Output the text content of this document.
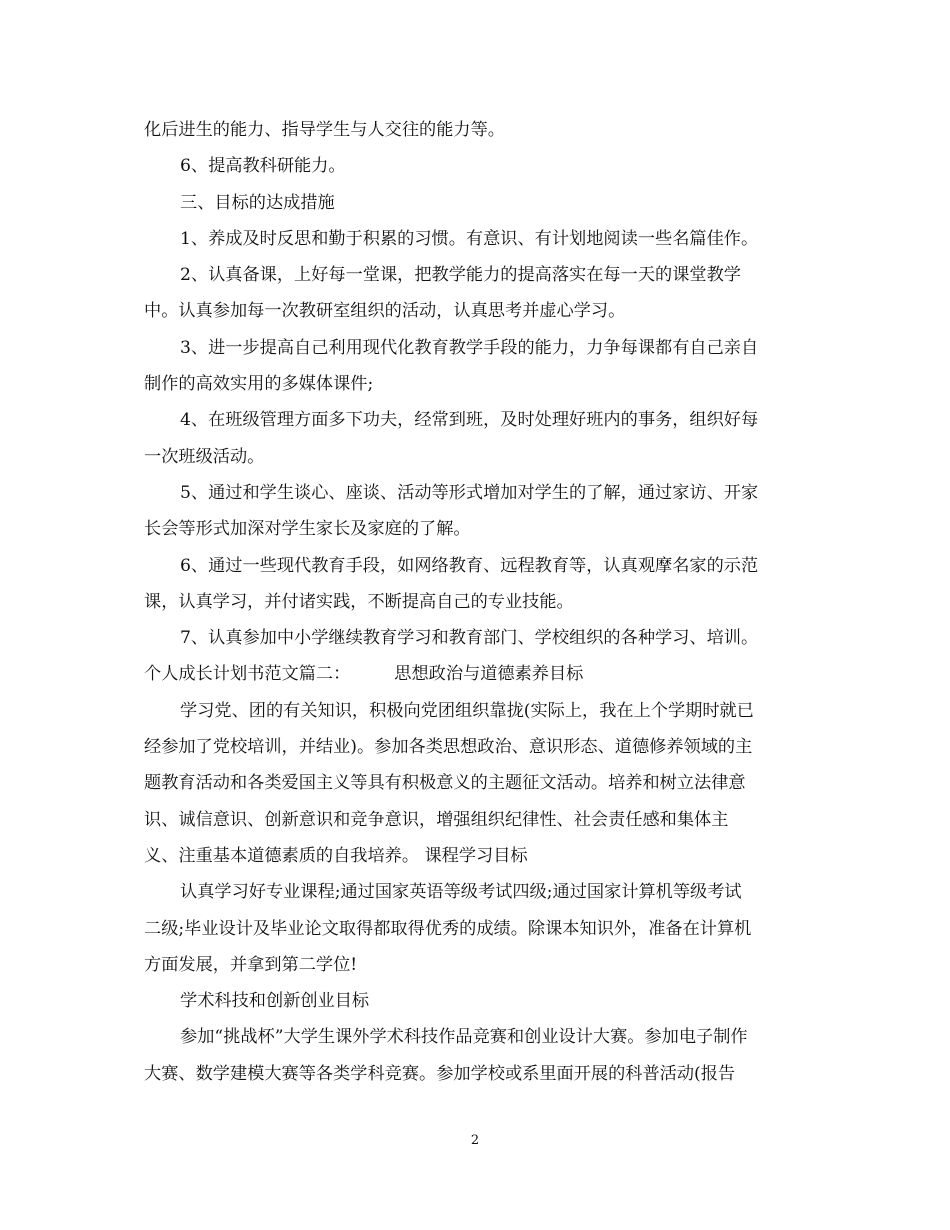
化后进生的能力、指导学生与人交往的能力等。
6、提高教科研能力。
三、目标的达成措施
1、养成及时反思和勤于积累的习惯。有意识、有计划地阅读一些名篇佳作。
2、认真备课，上好每一堂课，把教学能力的提高落实在每一天的课堂教学
中。认真参加每一次教研室组织的活动，认真思考并虚心学习。
3、进一步提高自己利用现代化教育教学手段的能力，力争每课都有自己亲自
制作的高效实用的多媒体课件;
4、在班级管理方面多下功夫，经常到班，及时处理好班内的事务，组织好每
一次班级活动。
5、通过和学生谈心、座谈、活动等形式增加对学生的了解，通过家访、开家
长会等形式加深对学生家长及家庭的了解。
6、通过一些现代教育手段，如网络教育、远程教育等，认真观摩名家的示范
课，认真学习，并付诸实践，不断提高自己的专业技能。
7、认真参加中小学继续教育学习和教育部门、学校组织的各种学习、培训。
个人成长计划书范文篇二：	思想政治与道德素养目标
学习党、团的有关知识，积极向党团组织靠拢(实际上，我在上个学期时就已
经参加了党校培训，并结业)。参加各类思想政治、意识形态、道德修养领域的主
题教育活动和各类爱国主义等具有积极意义的主题征文活动。培养和树立法律意
识、诚信意识、创新意识和竞争意识，增强组织纪律性、社会责任感和集体主
义、注重基本道德素质的自我培养。 课程学习目标
认真学习好专业课程;通过国家英语等级考试四级;通过国家计算机等级考试
二级;毕业设计及毕业论文取得都取得优秀的成绩。除课本知识外，准备在计算机
方面发展，并拿到第二学位!
学术科技和创新创业目标
参加“挑战杯”大学生课外学术科技作品竞赛和创业设计大赛。参加电子制作
大赛、数学建模大赛等各类学科竞赛。参加学校或系里面开展的科普活动(报告
2
